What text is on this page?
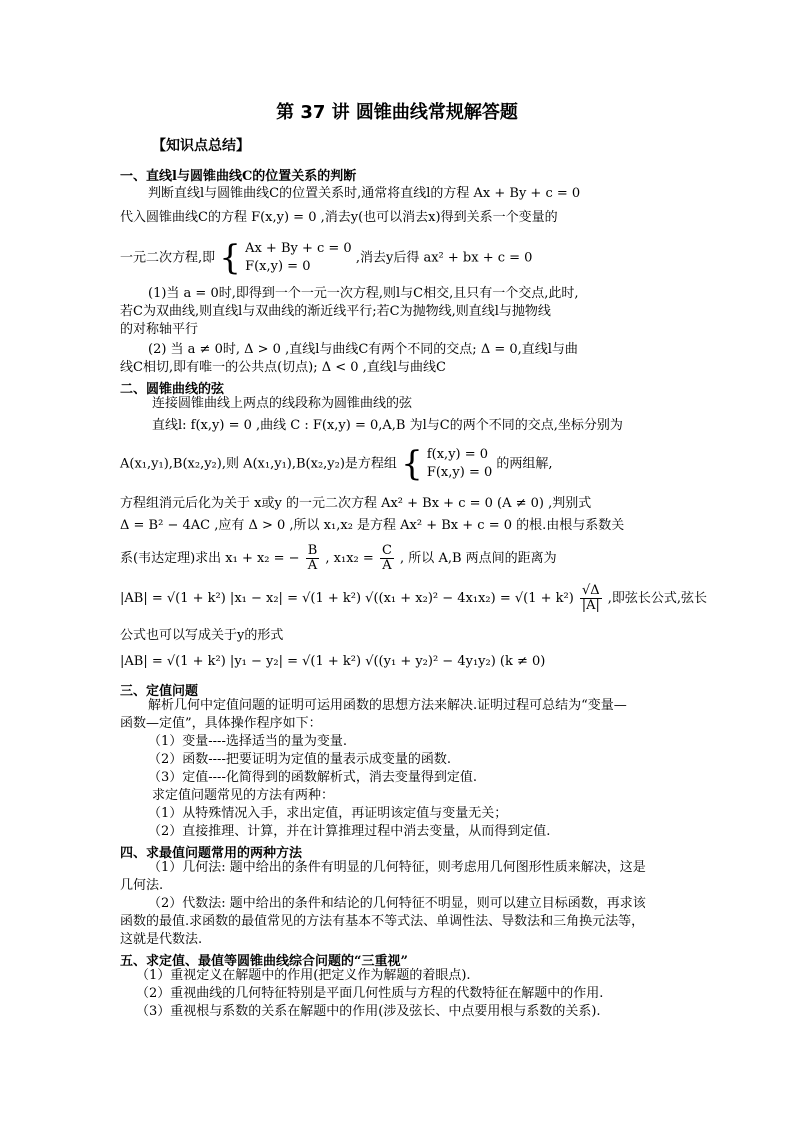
第 37 讲 圆锥曲线常规解答题
【知识点总结】
一、直线l与圆锥曲线C的位置关系的判断
判断直线l与圆锥曲线C的位置关系时,通常将直线l的方程 Ax + By + c = 0
代入圆锥曲线C的方程 F(x,y) = 0 ,消去y(也可以消去x)得到关系一个变量的
一元二次方程,即 { Ax + By + c = 0
F(x,y) = 0
,消去y后得 ax² + bx + c = 0
(1)当 a = 0时,即得到一个一元一次方程,则l与C相交,且只有一个交点,此时,
若C为双曲线,则直线l与双曲线的渐近线平行;若C为抛物线,则直线l与抛物线
的对称轴平行
(2) 当 a ≠ 0时, Δ > 0 ,直线l与曲线C有两个不同的交点; Δ = 0,直线l与曲
线C相切,即有唯一的公共点(切点); Δ < 0 ,直线l与曲线C
二、圆锥曲线的弦
连接圆锥曲线上两点的线段称为圆锥曲线的弦
直线l: f(x,y) = 0 ,曲线 C : F(x,y) = 0,A,B 为l与C的两个不同的交点,坐标分别为
A(x₁,y₁),B(x₂,y₂),则 A(x₁,y₁),B(x₂,y₂)是方程组 { f(x,y) = 0
F(x,y) = 0
的两组解,
方程组消元后化为关于 x或y 的一元二次方程 Ax² + Bx + c = 0 (A ≠ 0) ,判别式
Δ = B² − 4AC ,应有 Δ > 0 ,所以 x₁,x₂ 是方程 Ax² + Bx + c = 0 的根.由根与系数关
系(韦达定理)求出 x₁ + x₂ = − $\frac{B}{A}$ , $x_1x_2 = \frac{C}{A}$ , 所以 A,B 两点间的距离为
|AB| = √(1 + k²) |x₁ − x₂| = √(1 + k²) $√((x_1 + x_2)^2 - 4x_1x_2) = √(1 + k^2) \frac{√\Delta}{|A|}$ ,即弦长公式,弦长
公式也可以写成关于y的形式
|AB| = √(1 + k²) |y₁ − y₂| = √(1 + k²) √((y₁ + y₂)² − 4y₁y₂) (k ≠ 0)
三、定值问题
解析几何中定值问题的证明可运用函数的思想方法来解决.证明过程可总结为“变量—
函数—定值”，具体操作程序如下：
（1）变量----选择适当的量为变量.
（2）函数----把要证明为定值的量表示成变量的函数.
（3）定值----化简得到的函数解析式，消去变量得到定值.
求定值问题常见的方法有两种：
（1）从特殊情况入手，求出定值，再证明该定值与变量无关；
（2）直接推理、计算，并在计算推理过程中消去变量，从而得到定值.
四、求最值问题常用的两种方法
（1）几何法: 题中给出的条件有明显的几何特征，则考虑用几何图形性质来解决，这是
几何法.
（2）代数法: 题中给出的条件和结论的几何特征不明显，则可以建立目标函数，再求该
函数的最值.求函数的最值常见的方法有基本不等式法、单调性法、导数法和三角换元法等，
这就是代数法.
五、求定值、最值等圆锥曲线综合问题的“三重视”
（1）重视定义在解题中的作用(把定义作为解题的着眼点).
（2）重视曲线的几何特征特别是平面几何性质与方程的代数特征在解题中的作用.
（3）重视根与系数的关系在解题中的作用(涉及弦长、中点要用根与系数的关系).
